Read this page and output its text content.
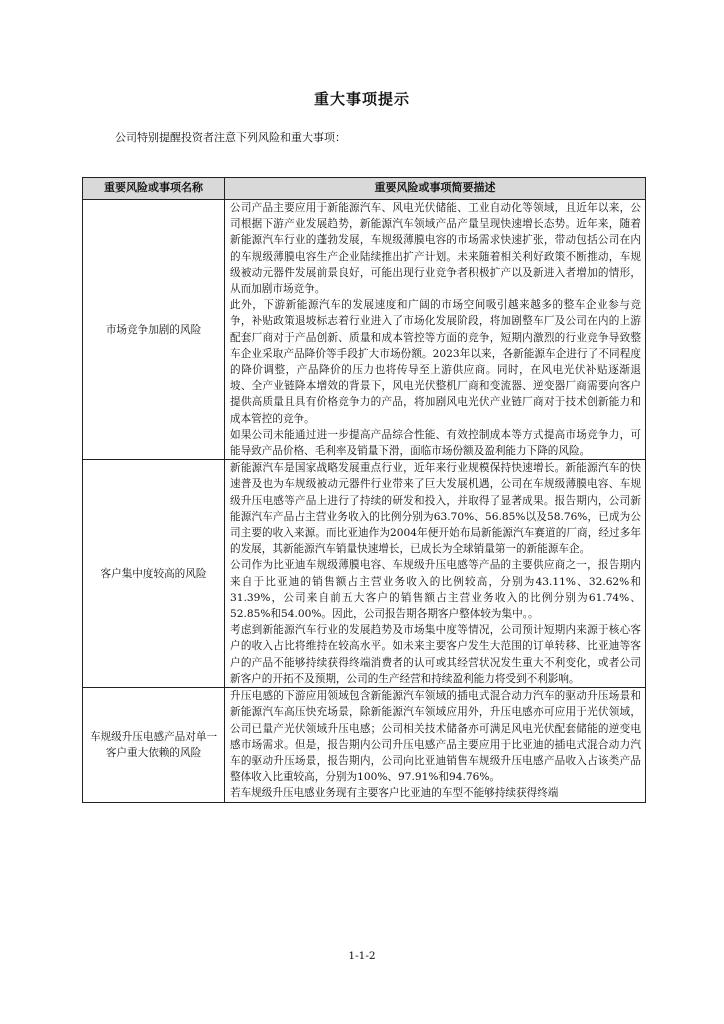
重大事项提示
公司特别提醒投资者注意下列风险和重大事项：
重要风险或事项名称	重要风险或事项简要描述
市场竞争加剧的风险	公司产品主要应用于新能源汽车、风电光伏储能、工业自动化等领域，且近年以来，公司根据下游产业发展趋势，新能源汽车领域产品产量呈现快速增长态势。近年来，随着新能源汽车行业的蓬勃发展，车规级薄膜电容的市场需求快速扩张，带动包括公司在内的车规级薄膜电容生产企业陆续推出扩产计划。未来随着相关利好政策不断推动，车规级被动元器件发展前景良好，可能出现行业竞争者积极扩产以及新进入者增加的情形，从而加剧市场竞争。

此外，下游新能源汽车的发展速度和广阔的市场空间吸引越来越多的整车企业参与竞争，补贴政策退坡标志着行业进入了市场化发展阶段，将加剧整车厂及公司在内的上游配套厂商对于产品创新、质量和成本管控等方面的竞争，短期内激烈的行业竞争导致整车企业采取产品降价等手段扩大市场份额。2023年以来，各新能源车企进行了不同程度的降价调整，产品降价的压力也将传导至上游供应商。同时，在风电光伏补贴逐渐退坡、全产业链降本增效的背景下，风电光伏整机厂商和变流器、逆变器厂商需要向客户提供高质量且具有价格竞争力的产品，将加剧风电光伏产业链厂商对于技术创新能力和成本管控的竞争。

如果公司未能通过进一步提高产品综合性能、有效控制成本等方式提高市场竞争力，可能导致产品价格、毛利率及销量下滑，面临市场份额及盈利能力下降的风险。

客户集中度较高的风险	新能源汽车是国家战略发展重点行业，近年来行业规模保持快速增长。新能源汽车的快速普及也为车规级被动元器件行业带来了巨大发展机遇，公司在车规级薄膜电容、车规级升压电感等产品上进行了持续的研发和投入，并取得了显著成果。报告期内，公司新能源汽车产品占主营业务收入的比例分别为63.70%、56.85%以及58.76%，已成为公司主要的收入来源。而比亚迪作为2004年便开始布局新能源汽车赛道的厂商，经过多年的发展，其新能源汽车销量快速增长，已成长为全球销量第一的新能源车企。

公司作为比亚迪车规级薄膜电容、车规级升压电感等产品的主要供应商之一，报告期内来自于比亚迪的销售额占主营业务收入的比例较高，分别为43.11%、32.62%和31.39%，公司来自前五大客户的销售额占主营业务收入的比例分别为61.74%、52.85%和54.00%。因此，公司报告期各期客户整体较为集中。。

考虑到新能源汽车行业的发展趋势及市场集中度等情况，公司预计短期内来源于核心客户的收入占比将维持在较高水平。如未来主要客户发生大范围的订单转移、比亚迪等客户的产品不能够持续获得终端消费者的认可或其经营状况发生重大不利变化，或者公司新客户的开拓不及预期，公司的生产经营和持续盈利能力将受到不利影响。

车规级升压电感产品对单一客户重大依赖的风险	升压电感的下游应用领域包含新能源汽车领域的插电式混合动力汽车的驱动升压场景和新能源汽车高压快充场景，除新能源汽车领域应用外，升压电感亦可应用于光伏领域，公司已量产光伏领域升压电感；公司相关技术储备亦可满足风电光伏配套储能的逆变电感市场需求。但是，报告期内公司升压电感产品主要应用于比亚迪的插电式混合动力汽车的驱动升压场景，报告期内，公司向比亚迪销售车规级升压电感产品收入占该类产品整体收入比重较高，分别为100%、97.91%和94.76%。

若车规级升压电感业务现有主要客户比亚迪的车型不能够持续获得终端

1-1-2
